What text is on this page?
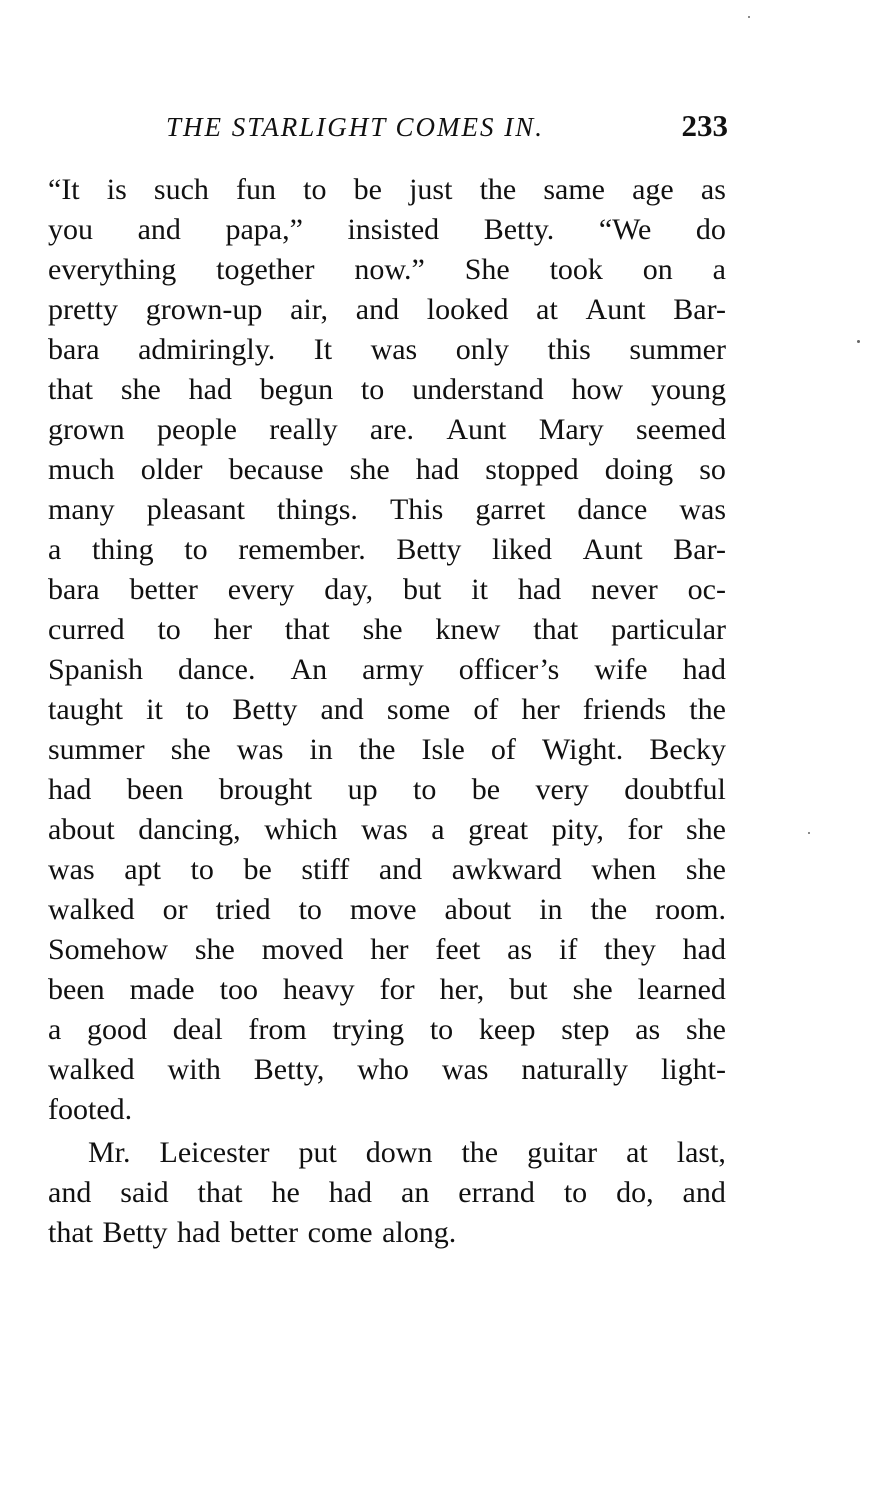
THE STARLIGHT COMES IN.	233
“It is such fun to be just the same age as
you and papa,” insisted Betty. “We do
everything together now.” She took on a
pretty grown-up air, and looked at Aunt Bar-
bara admiringly. It was only this summer
that she had begun to understand how young
grown people really are. Aunt Mary seemed
much older because she had stopped doing so
many pleasant things. This garret dance was
a thing to remember. Betty liked Aunt Bar-
bara better every day, but it had never oc-
curred to her that she knew that particular
Spanish dance. An army officer’s wife had
taught it to Betty and some of her friends the
summer she was in the Isle of Wight. Becky
had been brought up to be very doubtful
about dancing, which was a great pity, for she
was apt to be stiff and awkward when she
walked or tried to move about in the room.
Somehow she moved her feet as if they had
been made too heavy for her, but she learned
a good deal from trying to keep step as she
walked with Betty, who was naturally light-
footed.
Mr. Leicester put down the guitar at last,
and said that he had an errand to do, and
that Betty had better come along.
